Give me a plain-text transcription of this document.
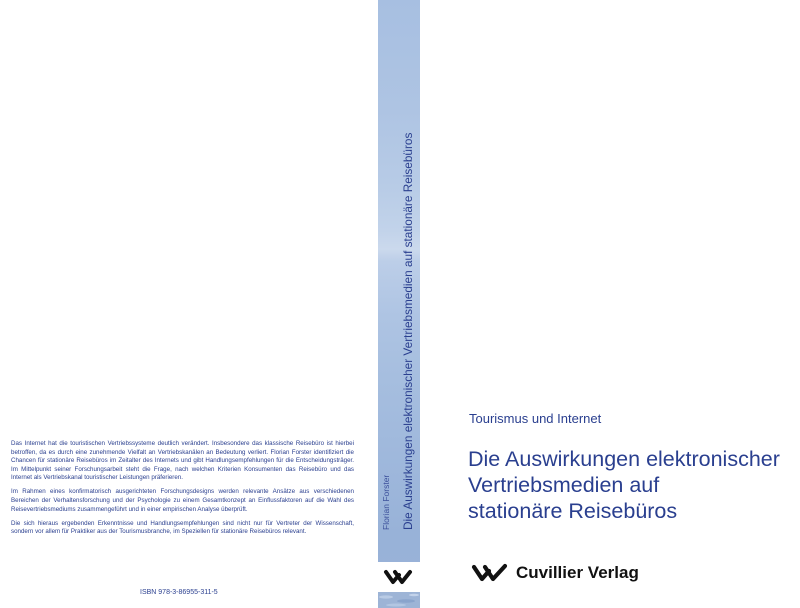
Das Internet hat die touristischen Vertriebssysteme deutlich verändert. Insbesondere das klassische Reisebüro ist hierbei betroffen, da es durch eine zunehmende Vielfalt an Vertriebskanälen an Bedeutung verliert. Florian Forster identifiziert die Chancen für stationäre Reisebüros im Zeitalter des Internets und gibt Handlungsempfehlungen für die Entscheidungsträger. Im Mittelpunkt seiner Forschungsarbeit steht die Frage, nach welchen Kriterien Konsumenten das Reisebüro und das Internet als Vertriebskanal touristischer Leistungen präferieren.

Im Rahmen eines konfirmatorisch ausgerichteten Forschungsdesigns werden relevante Ansätze aus verschiedenen Bereichen der Verhaltensforschung und der Psychologie zu einem Gesamtkonzept an Einflussfaktoren auf die Wahl des Reisevertriebsmediums zusammengeführt und in einer empirischen Analyse überprüft.

Die sich hieraus ergebenden Erkenntnisse und Handlungsempfehlungen sind nicht nur für Vertreter der Wissenschaft, sondern vor allem für Praktiker aus der Tourismusbranche, im Speziellen für stationäre Reisebüros relevant.

ISBN 978-3-86955-311-5
Florian Forster Die Auswirkungen elektronischer Vertriebsmedien auf stationäre Reisebüros	Tourismus und Internet
Die Auswirkungen elektronischer
Vertriebsmedien auf
stationäre Reisebüros
Cuvillier Verlag
